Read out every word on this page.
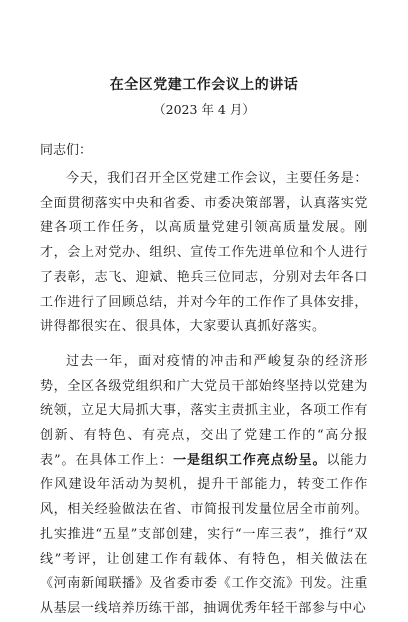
在全区党建工作会议上的讲话

（2023 年 4 月）

同志们：

今天，我们召开全区党建工作会议，主要任务是：全面贯彻落实中央和省委、市委决策部署，认真落实党建各项工作任务，以高质量党建引领高质量发展。刚才，会上对党办、组织、宣传工作先进单位和个人进行了表彰，志飞、迎斌、艳兵三位同志，分别对去年各口工作进行了回顾总结，并对今年的工作作了具体安排，讲得都很实在、很具体，大家要认真抓好落实。

过去一年，面对疫情的冲击和严峻复杂的经济形势，全区各级党组织和广大党员干部始终坚持以党建为统领，立足大局抓大事，落实主责抓主业，各项工作有创新、有特色、有亮点，交出了党建工作的“高分报表”。在具体工作上：一是组织工作亮点纷呈。以能力作风建设年活动为契机，提升干部能力，转变工作作风，相关经验做法在省、市简报刊发量位居全市前列。扎实推进“五星”支部创建，实行“一库三表”，推行“双线”考评，让创建工作有载体、有特色，相关做法在《河南新闻联播》及省委市委《工作交流》刊发。注重从基层一线培养历练干部，抽调优秀年轻干部参与中心
